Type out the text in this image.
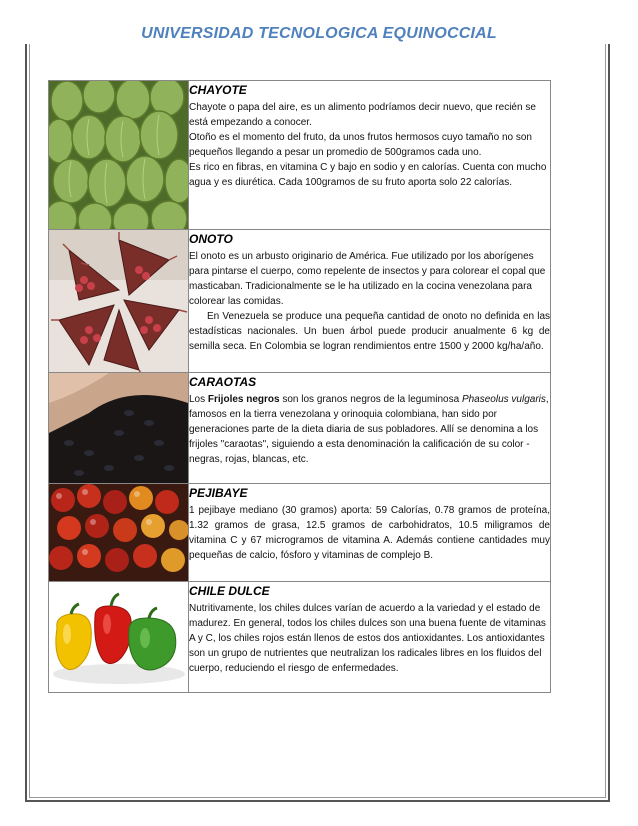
UNIVERSIDAD TECNOLOGICA EQUINOCCIAL

CHAYOTE

Chayote o papa del aire, es un alimento podríamos decir nuevo, que recién se está empezando a conocer.

Otoño es el momento del fruto, da unos frutos hermosos cuyo tamaño no son pequeños llegando a pesar un promedio de 500gramos cada uno.

Es rico en fibras, en vitamina C y bajo en sodio y en calorías. Cuenta con mucho agua y es diurética. Cada 100gramos de su fruto aporta solo 22 calorías.

ONOTO

El onoto es un arbusto originario de América. Fue utilizado por los aborígenes para pintarse el cuerpo, como repelente de insectos y para colorear el copal que masticaban. Tradicionalmente se le ha utilizado en la cocina venezolana para colorear las comidas.

En Venezuela se produce una pequeña cantidad de onoto no definida en las estadísticas nacionales. Un buen árbol puede producir anualmente 6 kg de semilla seca. En Colombia se logran rendimientos entre 1500 y 2000 kg/ha/año.

CARAOTAS

Los Frijoles negros son los granos negros de la leguminosa Phaseolus vulgaris, famosos en la tierra venezolana y orinoquia colombiana, han sido por generaciones parte de la dieta diaria de sus pobladores. Allí se denomina a los frijoles "caraotas", siguiendo a esta denominación la calificación de su color - negras, rojas, blancas, etc.

PEJIBAYE

1 pejibaye mediano (30 gramos) aporta: 59 Calorías, 0.78 gramos de proteína, 1.32 gramos de grasa, 12.5 gramos de carbohidratos, 10.5 miligramos de vitamina C y 67 microgramos de vitamina A. Además contiene cantidades muy pequeñas de calcio, fósforo y vitaminas de complejo B.

CHILE DULCE

Nutritivamente, los chiles dulces varían de acuerdo a la variedad y el estado de madurez. En general, todos los chiles dulces son una buena fuente de vitaminas A y C, los chiles rojos están llenos de estos dos antioxidantes. Los antioxidantes son un grupo de nutrientes que neutralizan los radicales libres en los fluidos del cuerpo, reduciendo el riesgo de enfermedades.
